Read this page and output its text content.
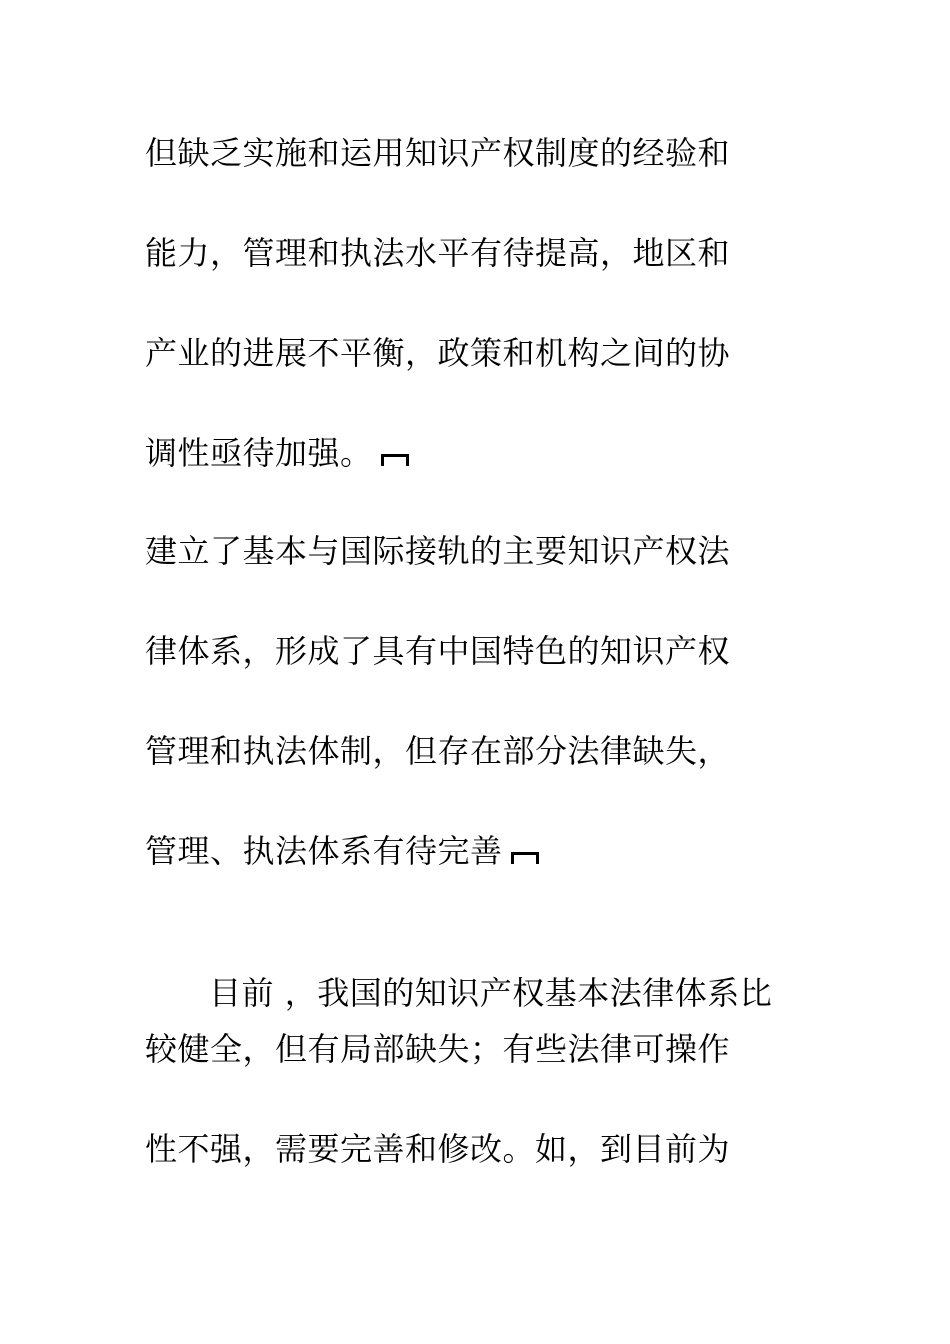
但缺乏实施和运用知识产权制度的经验和
能力，管理和执法水平有待提高，地区和
产业的进展不平衡，政策和机构之间的协
调性亟待加强。
建立了基本与国际接轨的主要知识产权法
律体系，形成了具有中国特色的知识产权
管理和执法体制，但存在部分法律缺失，
管理、执法体系有待完善

目前 ，我国的知识产权基本法律体系比

较健全，但有局部缺失；有些法律可操作
性不强，需要完善和修改。如，到目前为
